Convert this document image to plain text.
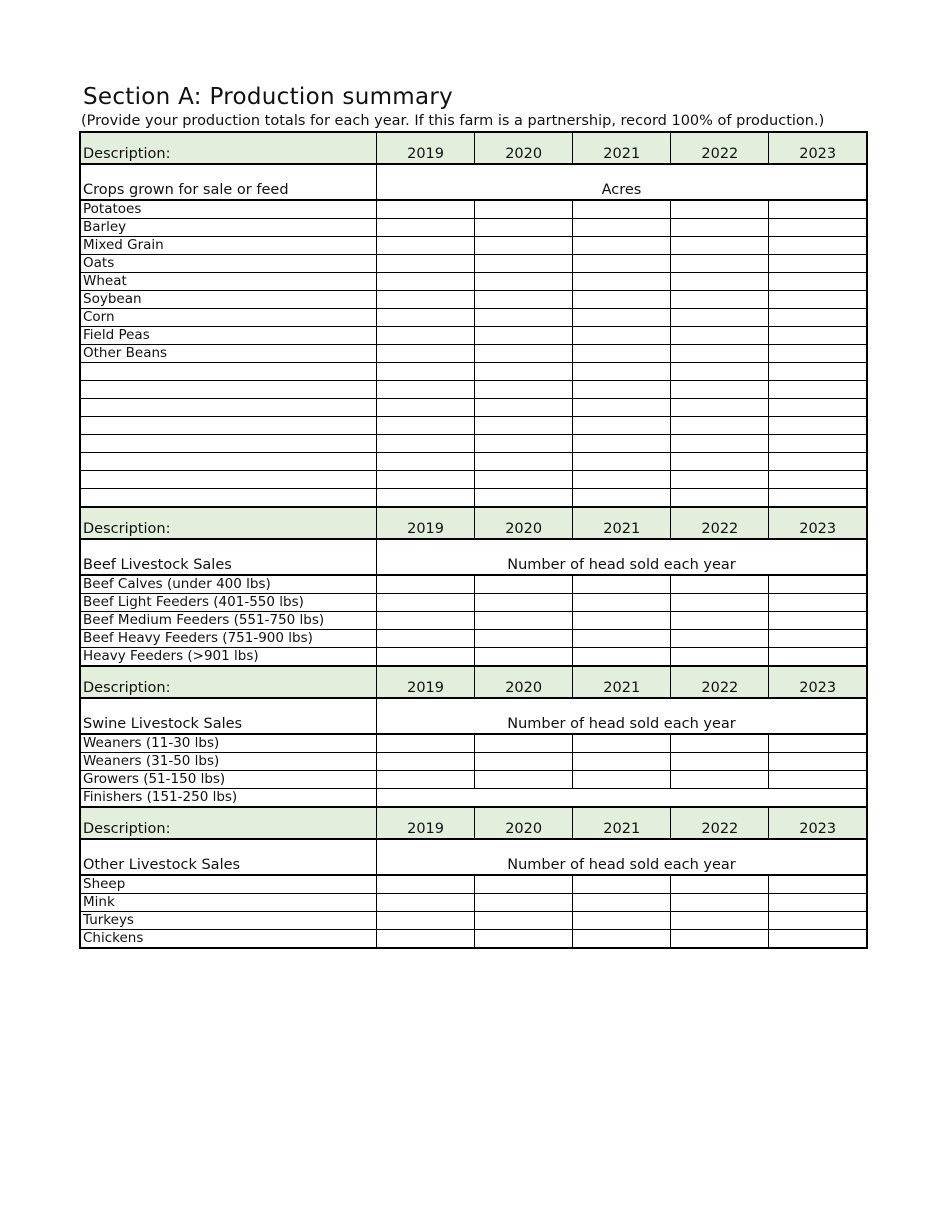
Section A: Production summary
(Provide your production totals for each year. If this farm is a partnership, record 100% of production.)
Description:	2019	2020	2021	2022	2023
Crops grown for sale or feed	Acres				
Potatoes					
Barley					
Mixed Grain					
Oats					
Wheat					
Soybean					
Corn					
Field Peas					
Other Beans					

Description:	2019	2020	2021	2022	2023
Beef Livestock Sales	Number of head sold each year				
Beef Calves (under 400 lbs)					
Beef Light Feeders (401-550 lbs)					
Beef Medium Feeders (551-750 lbs)					
Beef Heavy Feeders (751-900 lbs)					
Heavy Feeders (>901 lbs)					
Description:	2019	2020	2021	2022	2023
Swine Livestock Sales	Number of head sold each year				
Weaners (11-30 lbs)					
Weaners (31-50 lbs)					
Growers (51-150 lbs)					
Finishers (151-250 lbs)					
Description:	2019	2020	2021	2022	2023
Other Livestock Sales	Number of head sold each year				
Sheep					
Mink					
Turkeys					
Chickens					
